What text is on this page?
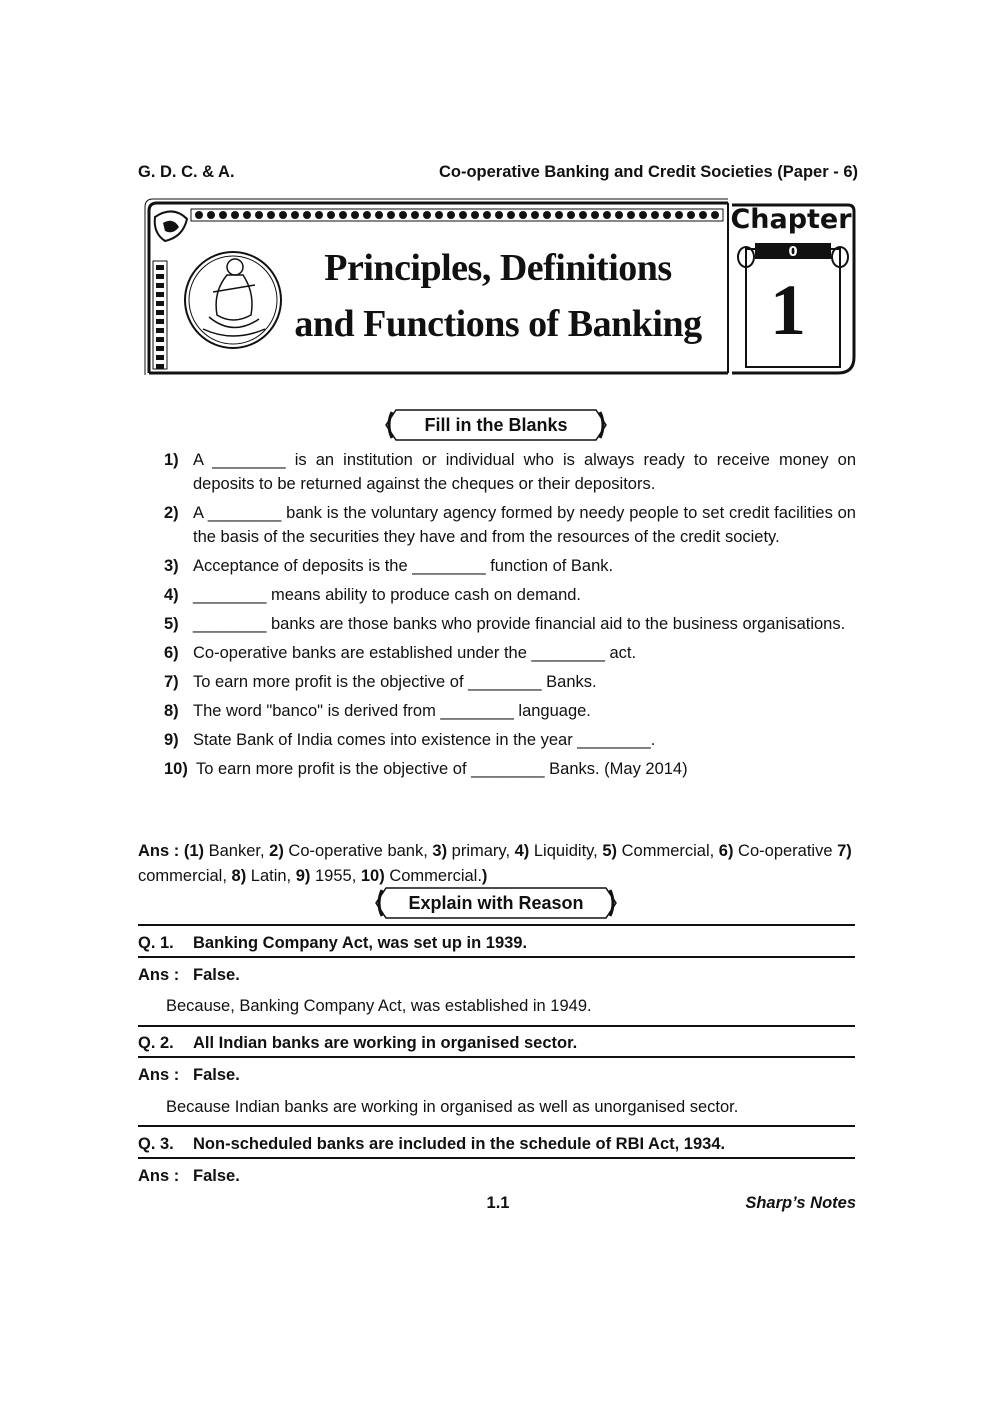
G. D. C. & A.	Co-operative Banking and Credit Societies (Paper - 6)
0
Principles, Definitions
and Functions of Banking
Chapter
1
Fill in the Blanks
1) A ________ is an institution or individual who is always ready to receive money on deposits to be returned against the cheques or their depositors.
2) A ________ bank is the voluntary agency formed by needy people to set credit facilities on the basis of the securities they have and from the resources of the credit society.
3) Acceptance of deposits is the ________ function of Bank.
4) ________ means ability to produce cash on demand.
5) ________ banks are those banks who provide financial aid to the business organisations.
6) Co-operative banks are established under the ________ act.
7) To earn more profit is the objective of ________ Banks.
8) The word "banco" is derived from ________ language.
9) State Bank of India comes into existence in the year ________.
10) To earn more profit is the objective of ________ Banks. (May 2014)
Ans : (1) Banker, 2) Co-operative bank, 3) primary, 4) Liquidity, 5) Commercial, 6) Co-operative 7) commercial, 8) Latin, 9) 1955, 10) Commercial.)
Explain with Reason
Q. 1. Banking Company Act, was set up in 1939.
Ans : False.
Because, Banking Company Act, was established in 1949.
Q. 2. All Indian banks are working in organised sector.
Ans : False.
Because Indian banks are working in organised as well as unorganised sector.
Q. 3. Non-scheduled banks are included in the schedule of RBI Act, 1934.
Ans : False.
1.1	Sharp’s Notes
